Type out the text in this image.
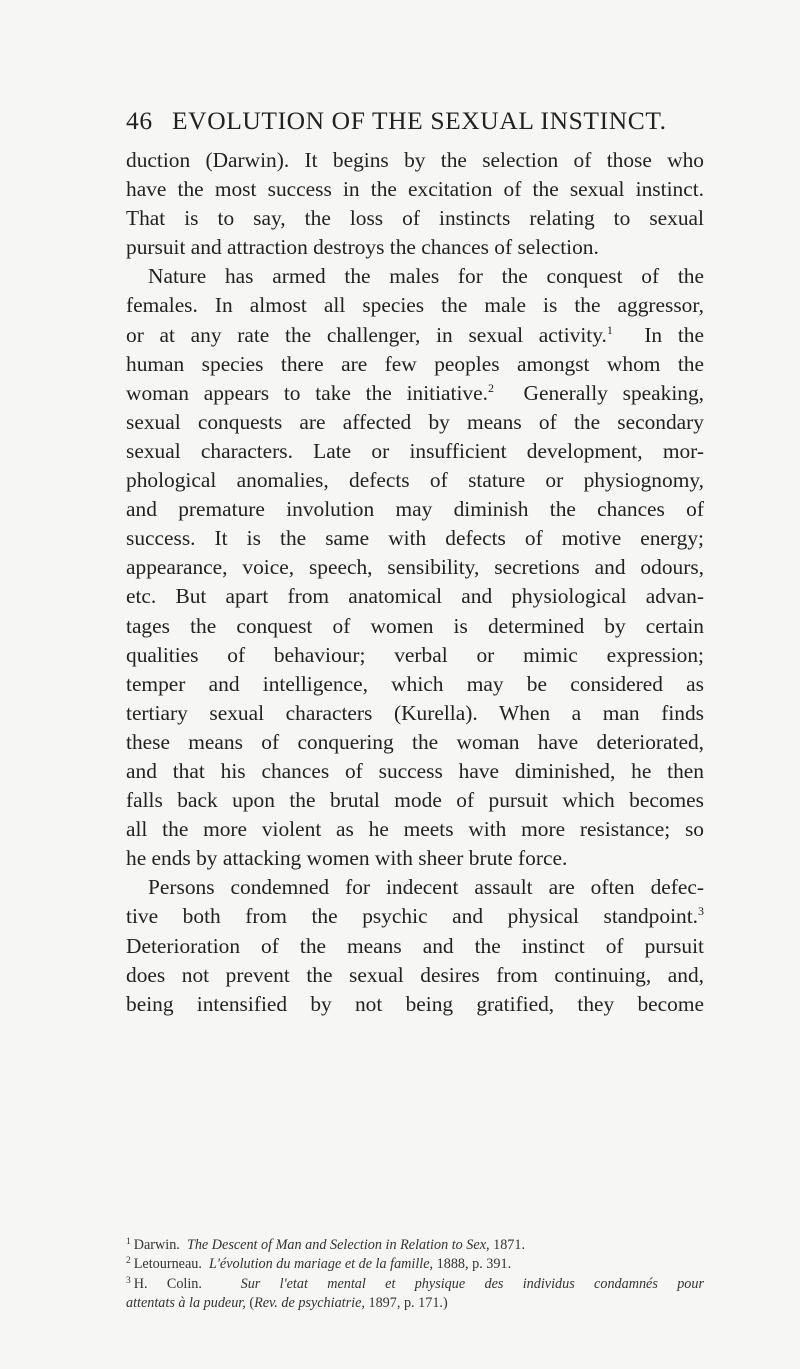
46 EVOLUTION OF THE SEXUAL INSTINCT.
duction (Darwin). It begins by the selection of those who
have the most success in the excitation of the sexual instinct.
That is to say, the loss of instincts relating to sexual
pursuit and attraction destroys the chances of selection.
Nature has armed the males for the conquest of the
females. In almost all species the male is the aggressor,
or at any rate the challenger, in sexual activity.$^1$ In the
human species there are few peoples amongst whom the
woman appears to take the initiative.$^2$ Generally speaking,
sexual conquests are affected by means of the secondary
sexual characters. Late or insufficient development, mor-
phological anomalies, defects of stature or physiognomy,
and premature involution may diminish the chances of
success. It is the same with defects of motive energy;
appearance, voice, speech, sensibility, secretions and odours,
etc. But apart from anatomical and physiological advan-
tages the conquest of women is determined by certain
qualities of behaviour; verbal or mimic expression;
temper and intelligence, which may be considered as
tertiary sexual characters (Kurella). When a man finds
these means of conquering the woman have deteriorated,
and that his chances of success have diminished, he then
falls back upon the brutal mode of pursuit which becomes
all the more violent as he meets with more resistance; so
he ends by attacking women with sheer brute force.
Persons condemned for indecent assault are often defec-
tive both from the psychic and physical standpoint.$^3$
Deterioration of the means and the instinct of pursuit
does not prevent the sexual desires from continuing, and,
being intensified by not being gratified, they become
$^1$ Darwin. The Descent of Man and Selection in Relation to Sex, 1871.
$^2$ Letourneau. L'évolution du mariage et de la famille, 1888, p. 391.
$^3$ H. Colin.	Sur l'etat mental et physique des individus condamnés pour
attentats à la pudeur, (Rev. de psychiatrie, 1897, p. 171.)
